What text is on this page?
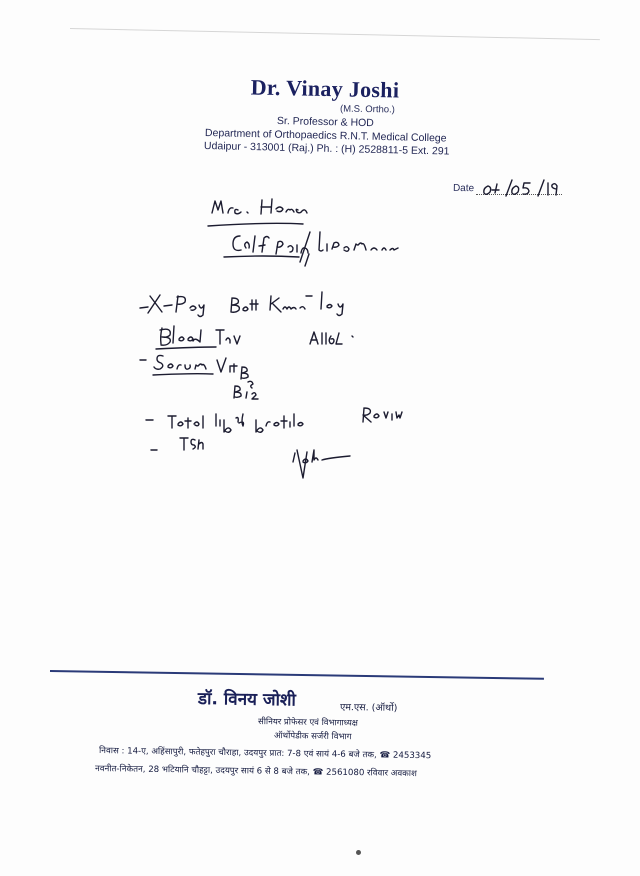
Dr. Vinay Joshi
(M.S. Ortho.)
Sr. Professor & HOD
Department of Orthopaedics R.N.T. Medical College
Udaipur - 313001 (Raj.) Ph. : (H) 2528811-5 Ext. 291
Date
डॉ. विनय जोशी	एम.एस. (ऑर्थो)
सीनियर प्रोफेसर एवं विभागाध्यक्ष
ऑर्थोपेडीक सर्जरी विभाग
निवास : 14-ए, अहिंसापुरी, फतेहपुरा चौराहा, उदयपुर प्रात: 7-8 एवं सायं 4-6 बजे तक, ☎ 2453345
नवनीत-निकेतन, 28 भटियानि चौहट्टा, उदयपुर सायं 6 से 8 बजे तक, ☎ 2561080 रविवार अवकाश
